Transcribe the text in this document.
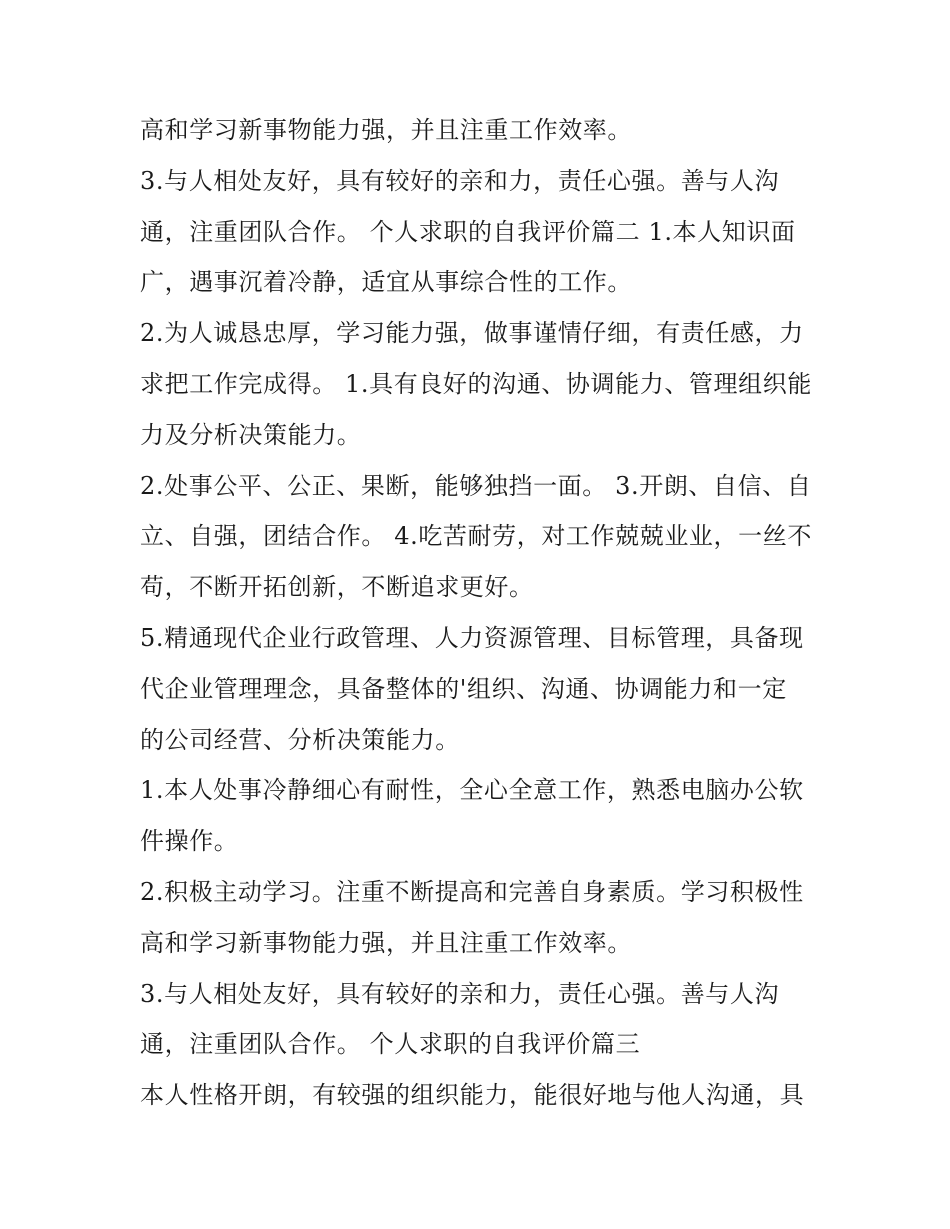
高和学习新事物能力强，并且注重工作效率。
3.与人相处友好，具有较好的亲和力，责任心强。善与人沟
通，注重团队合作。 个人求职的自我评价篇二 1.本人知识面
广，遇事沉着冷静，适宜从事综合性的工作。
2.为人诚恳忠厚，学习能力强，做事谨情仔细，有责任感，力
求把工作完成得。 1.具有良好的沟通、协调能力、管理组织能
力及分析决策能力。
2.处事公平、公正、果断，能够独挡一面。 3.开朗、自信、自
立、自强，团结合作。 4.吃苦耐劳，对工作兢兢业业，一丝不
苟，不断开拓创新，不断追求更好。
5.精通现代企业行政管理、人力资源管理、目标管理，具备现
代企业管理理念，具备整体的'组织、沟通、协调能力和一定
的公司经营、分析决策能力。
1.本人处事冷静细心有耐性，全心全意工作，熟悉电脑办公软
件操作。
2.积极主动学习。注重不断提高和完善自身素质。学习积极性
高和学习新事物能力强，并且注重工作效率。
3.与人相处友好，具有较好的亲和力，责任心强。善与人沟
通，注重团队合作。 个人求职的自我评价篇三
本人性格开朗，有较强的组织能力，能很好地与他人沟通，具
